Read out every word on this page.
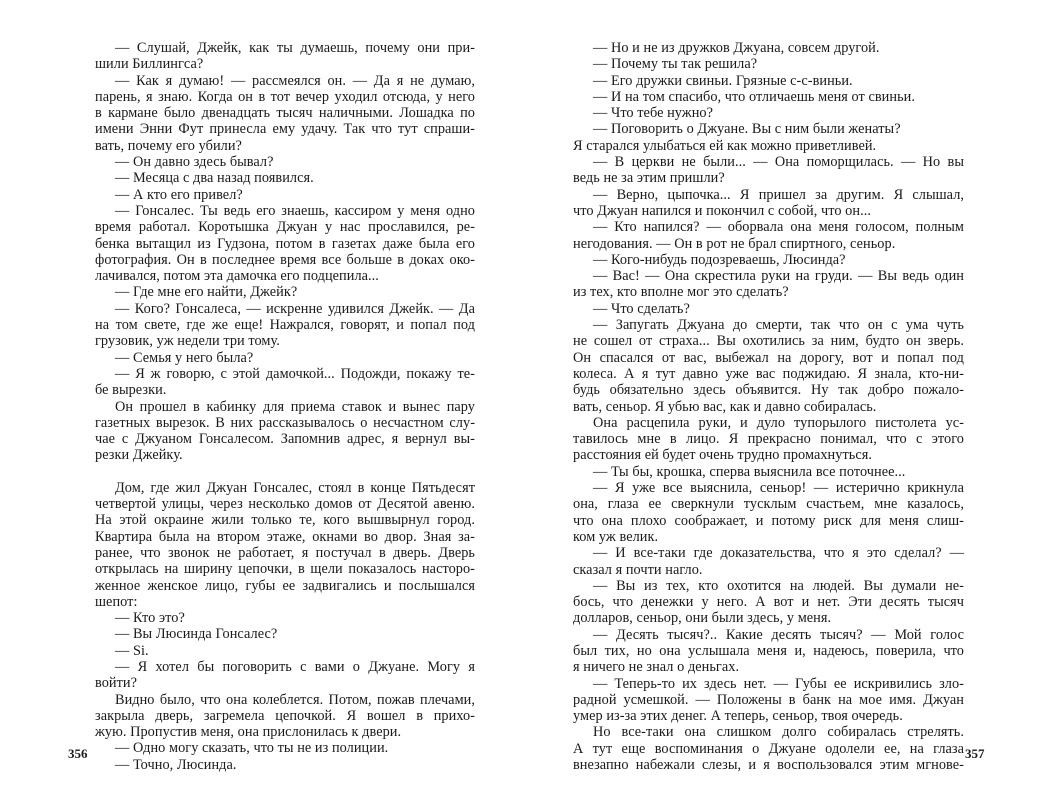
— Слушай, Джейк, как ты думаешь, почему они при-
шили Биллингса?
— Как я думаю! — рассмеялся он. — Да я не думаю,
парень, я знаю. Когда он в тот вечер уходил отсюда, у него
в кармане было двенадцать тысяч наличными. Лошадка по
имени Энни Фут принесла ему удачу. Так что тут спраши-
вать, почему его убили?
— Он давно здесь бывал?
— Месяца с два назад появился.
— А кто его привел?
— Гонсалес. Ты ведь его знаешь, кассиром у меня одно
время работал. Коротышка Джуан у нас прославился, ре-
бенка вытащил из Гудзона, потом в газетах даже была его
фотография. Он в последнее время все больше в доках око-
лачивался, потом эта дамочка его подцепила...
— Где мне его найти, Джейк?
— Кого? Гонсалеса, — искренне удивился Джейк. — Да
на том свете, где же еще! Нажрался, говорят, и попал под
грузовик, уж недели три тому.
— Семья у него была?
— Я ж говорю, с этой дамочкой... Подожди, покажу те-
бе вырезки.
Он прошел в кабинку для приема ставок и вынес пару
газетных вырезок. В них рассказывалось о несчастном слу-
чае с Джуаном Гонсалесом. Запомнив адрес, я вернул вы-
резки Джейку.
Дом, где жил Джуан Гонсалес, стоял в конце Пятьдесят
четвертой улицы, через несколько домов от Десятой авеню.
На этой окраине жили только те, кого вышвырнул город.
Квартира была на втором этаже, окнами во двор. Зная за-
ранее, что звонок не работает, я постучал в дверь. Дверь
открылась на ширину цепочки, в щели показалось насторо-
женное женское лицо, губы ее задвигались и послышался
шепот:
— Кто это?
— Вы Люсинда Гонсалес?
— Si.
— Я хотел бы поговорить с вами о Джуане. Могу я
войти?
Видно было, что она колеблется. Потом, пожав плечами,
закрыла дверь, загремела цепочкой. Я вошел в прихо-
жую. Пропустив меня, она прислонилась к двери.
— Одно могу сказать, что ты не из полиции.
— Точно, Люсинда.
356
— Но и не из дружков Джуана, совсем другой.
— Почему ты так решила?
— Его дружки свиньи. Грязные с-с-виньи.
— И на том спасибо, что отличаешь меня от свиньи.
— Что тебе нужно?
— Поговорить о Джуане. Вы с ним были женаты?
Я старался улыбаться ей как можно приветливей.
— В церкви не были... — Она поморщилась. — Но вы
ведь не за этим пришли?
— Верно, цыпочка... Я пришел за другим. Я слышал,
что Джуан напился и покончил с собой, что он...
— Кто напился? — оборвала она меня голосом, полным
негодования. — Он в рот не брал спиртного, сеньор.
— Кого-нибудь подозреваешь, Люсинда?
— Вас! — Она скрестила руки на груди. — Вы ведь один
из тех, кто вполне мог это сделать?
— Что сделать?
— Запугать Джуана до смерти, так что он с ума чуть
не сошел от страха... Вы охотились за ним, будто он зверь.
Он спасался от вас, выбежал на дорогу, вот и попал под
колеса. А я тут давно уже вас поджидаю. Я знала, кто-ни-
будь обязательно здесь объявится. Ну так добро пожало-
вать, сеньор. Я убью вас, как и давно собиралась.
Она расцепила руки, и дуло тупорылого пистолета ус-
тавилось мне в лицо. Я прекрасно понимал, что с этого
расстояния ей будет очень трудно промахнуться.
— Ты бы, крошка, сперва выяснила все поточнее...
— Я уже все выяснила, сеньор! — истерично крикнула
она, глаза ее сверкнули тусклым счастьем, мне казалось,
что она плохо соображает, и потому риск для меня слиш-
ком уж велик.
— И все-таки где доказательства, что я это сделал? —
сказал я почти нагло.
— Вы из тех, кто охотится на людей. Вы думали не-
бось, что денежки у него. А вот и нет. Эти десять тысяч
долларов, сеньор, они были здесь, у меня.
— Десять тысяч?.. Какие десять тысяч? — Мой голос
был тих, но она услышала меня и, надеюсь, поверила, что
я ничего не знал о деньгах.
— Теперь-то их здесь нет. — Губы ее искривились зло-
радной усмешкой. — Положены в банк на мое имя. Джуан
умер из-за этих денег. А теперь, сеньор, твоя очередь.
Но все-таки она слишком долго собиралась стрелять.
А тут еще воспоминания о Джуане одолели ее, на глаза
внезапно набежали слезы, и я воспользовался этим мгнове-
357
